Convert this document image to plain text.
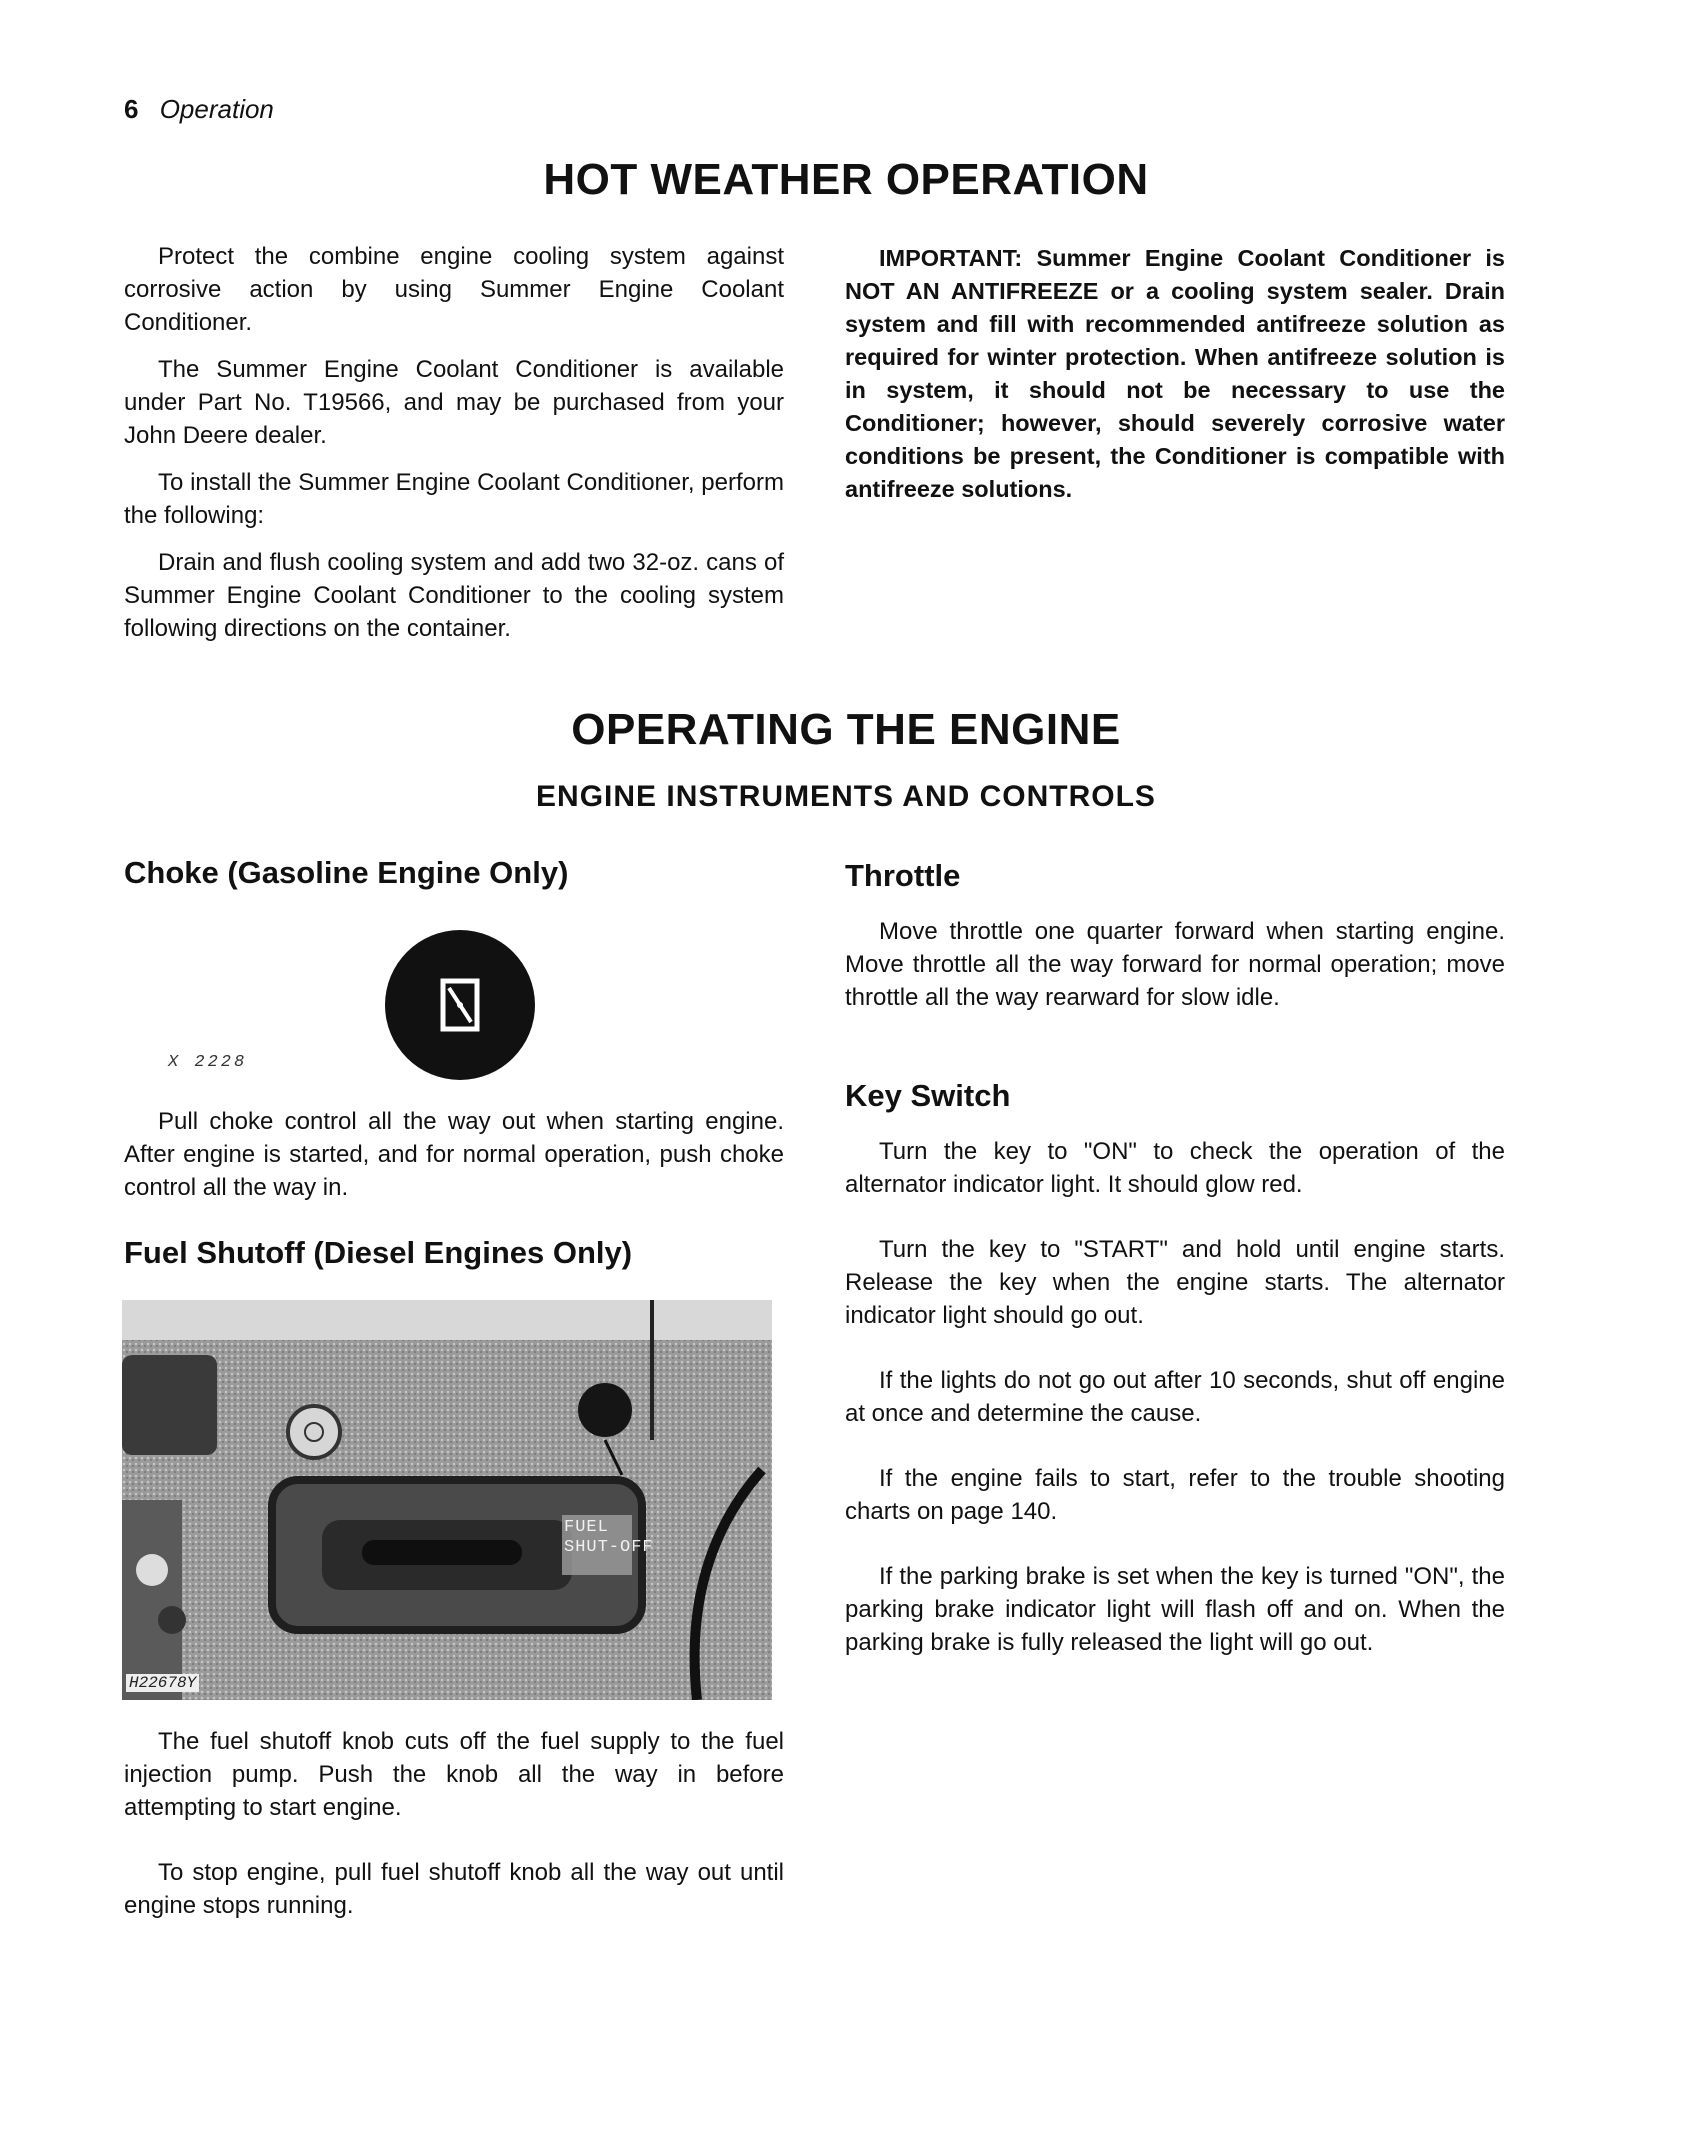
6 Operation
HOT WEATHER OPERATION

Protect the combine engine cooling system against corrosive action by using Summer Engine Coolant Conditioner.

The Summer Engine Coolant Conditioner is available under Part No. T19566, and may be purchased from your John Deere dealer.

To install the Summer Engine Coolant Conditioner, perform the following:

Drain and flush cooling system and add two 32-oz. cans of Summer Engine Coolant Conditioner to the cooling system following directions on the container.

IMPORTANT: Summer Engine Coolant Conditioner is NOT AN ANTIFREEZE or a cooling system sealer. Drain system and fill with recommended antifreeze solution as required for winter protection. When antifreeze solution is in system, it should not be necessary to use the Conditioner; however, should severely corrosive water conditions be present, the Conditioner is compatible with antifreeze solutions.

OPERATING THE ENGINE
ENGINE INSTRUMENTS AND CONTROLS
Choke (Gasoline Engine Only)
X 2228

Pull choke control all the way out when starting engine. After engine is started, and for normal operation, push choke control all the way in.

Fuel Shutoff (Diesel Engines Only)
FUEL
SHUT-OFF
H22678Y

The fuel shutoff knob cuts off the fuel supply to the fuel injection pump. Push the knob all the way in before attempting to start engine.

To stop engine, pull fuel shutoff knob all the way out until engine stops running.

Throttle

Move throttle one quarter forward when starting engine. Move throttle all the way forward for normal operation; move throttle all the way rearward for slow idle.

Key Switch

Turn the key to "ON" to check the operation of the alternator indicator light. It should glow red.

Turn the key to "START" and hold until engine starts. Release the key when the engine starts. The alternator indicator light should go out.

If the lights do not go out after 10 seconds, shut off engine at once and determine the cause.

If the engine fails to start, refer to the trouble shooting charts on page 140.

If the parking brake is set when the key is turned "ON", the parking brake indicator light will flash off and on. When the parking brake is fully released the light will go out.
